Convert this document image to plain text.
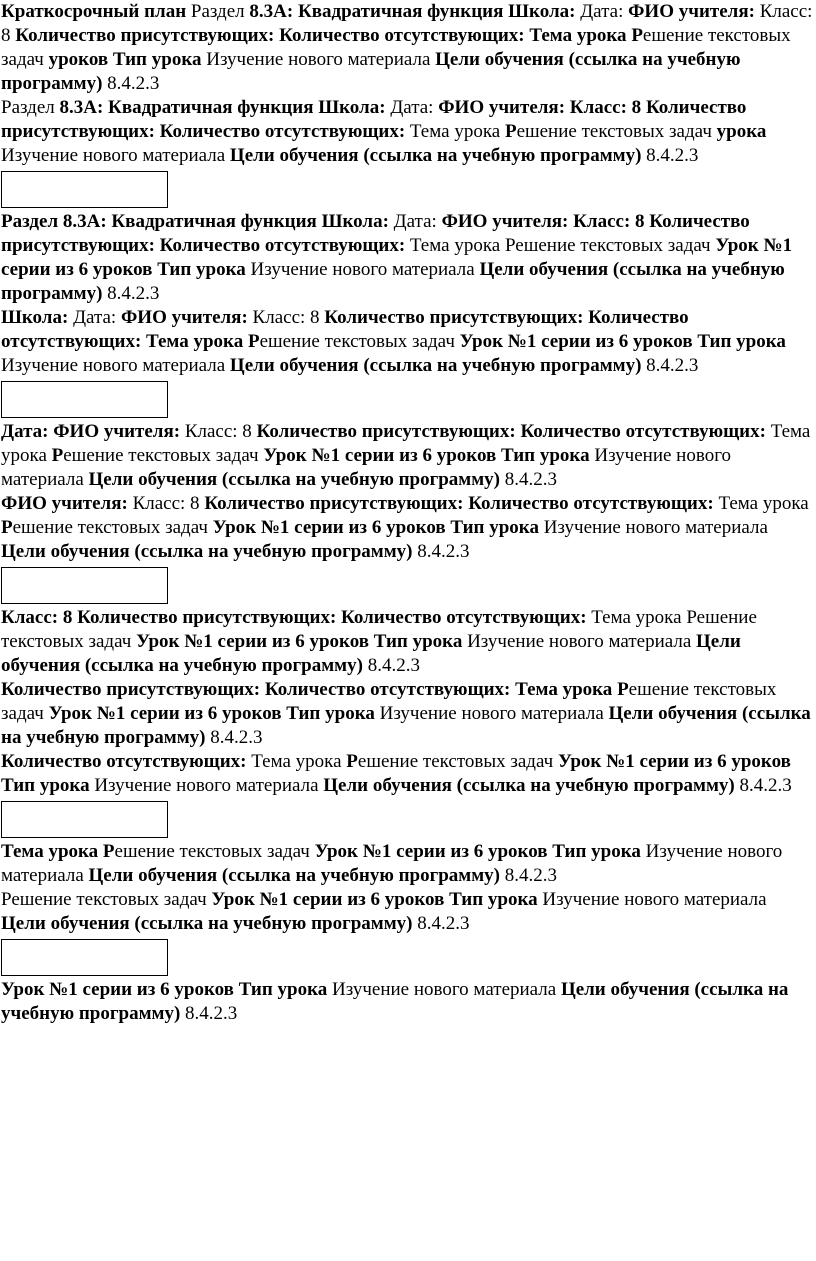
Краткосрочный план Раздел 8.3А: Квадратичная функция Школа: Дата: ФИО учителя: Класс: 8 Количество присутствующих: Количество отсутствующих: Тема урока Решение текстовых задач уроков Тип урока Изучение нового материала Цели обучения (ссылка на учебную программу) 8.4.2.3

Раздел 8.3А: Квадратичная функция Школа: Дата: ФИО учителя: Класс: 8 Количество присутствующих: Количество отсутствующих: Тема урока Решение текстовых задач урока Изучение нового материала Цели обучения (ссылка на учебную программу) 8.4.2.3

Раздел 8.3А: Квадратичная функция Школа: Дата: ФИО учителя: Класс: 8 Количество присутствующих: Количество отсутствующих: Тема урока Решение текстовых задач Урок №1 серии из 6 уроков Тип урока Изучение нового материала Цели обучения (ссылка на учебную программу) 8.4.2.3

Школа: Дата: ФИО учителя: Класс: 8 Количество присутствующих: Количество отсутствующих: Тема урока Решение текстовых задач Урок №1 серии из 6 уроков Тип урока Изучение нового материала Цели обучения (ссылка на учебную программу) 8.4.2.3

Дата: ФИО учителя: Класс: 8 Количество присутствующих: Количество отсутствующих: Тема урока Решение текстовых задач Урок №1 серии из 6 уроков Тип урока Изучение нового материала Цели обучения (ссылка на учебную программу) 8.4.2.3

ФИО учителя: Класс: 8 Количество присутствующих: Количество отсутствующих: Тема урока Решение текстовых задач Урок №1 серии из 6 уроков Тип урока Изучение нового материала Цели обучения (ссылка на учебную программу) 8.4.2.3

Класс: 8 Количество присутствующих: Количество отсутствующих: Тема урока Решение текстовых задач Урок №1 серии из 6 уроков Тип урока Изучение нового материала Цели обучения (ссылка на учебную программу) 8.4.2.3

Количество присутствующих: Количество отсутствующих: Тема урока Решение текстовых задач Урок №1 серии из 6 уроков Тип урока Изучение нового материала Цели обучения (ссылка на учебную программу) 8.4.2.3

Количество отсутствующих: Тема урока Решение текстовых задач Урок №1 серии из 6 уроков Тип урока Изучение нового материала Цели обучения (ссылка на учебную программу) 8.4.2.3

Тема урока Решение текстовых задач Урок №1 серии из 6 уроков Тип урока Изучение нового материала Цели обучения (ссылка на учебную программу) 8.4.2.3

Решение текстовых задач Урок №1 серии из 6 уроков Тип урока Изучение нового материала Цели обучения (ссылка на учебную программу) 8.4.2.3

Урок №1 серии из 6 уроков Тип урока Изучение нового материала Цели обучения (ссылка на учебную программу) 8.4.2.3
